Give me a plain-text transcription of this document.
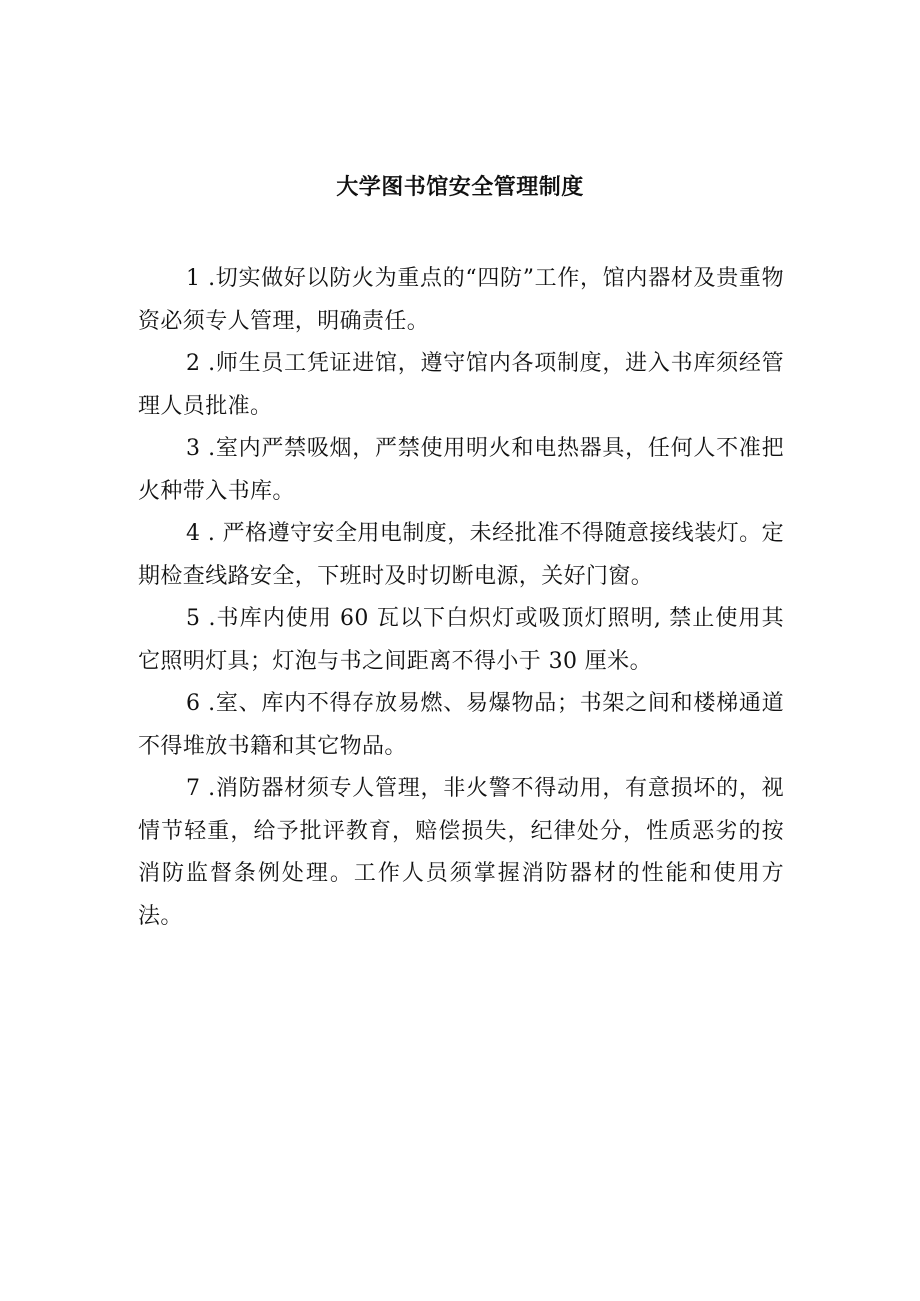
大学图书馆安全管理制度

1 .切实做好以防火为重点的“四防”工作，馆内器材及贵重物资必须专人管理，明确责任。

2 .师生员工凭证进馆，遵守馆内各项制度，进入书库须经管理人员批准。

3 .室内严禁吸烟，严禁使用明火和电热器具，任何人不准把火种带入书库。

4 . 严格遵守安全用电制度，未经批准不得随意接线装灯。定期检查线路安全，下班时及时切断电源，关好门窗。

5 .书库内使用 60 瓦以下白炽灯或吸顶灯照明, 禁止使用其它照明灯具；灯泡与书之间距离不得小于 30 厘米。

6 .室、库内不得存放易燃、易爆物品；书架之间和楼梯通道不得堆放书籍和其它物品。

7 .消防器材须专人管理，非火警不得动用，有意损坏的，视情节轻重，给予批评教育，赔偿损失，纪律处分，性质恶劣的按消防监督条例处理。工作人员须掌握消防器材的性能和使用方法。
